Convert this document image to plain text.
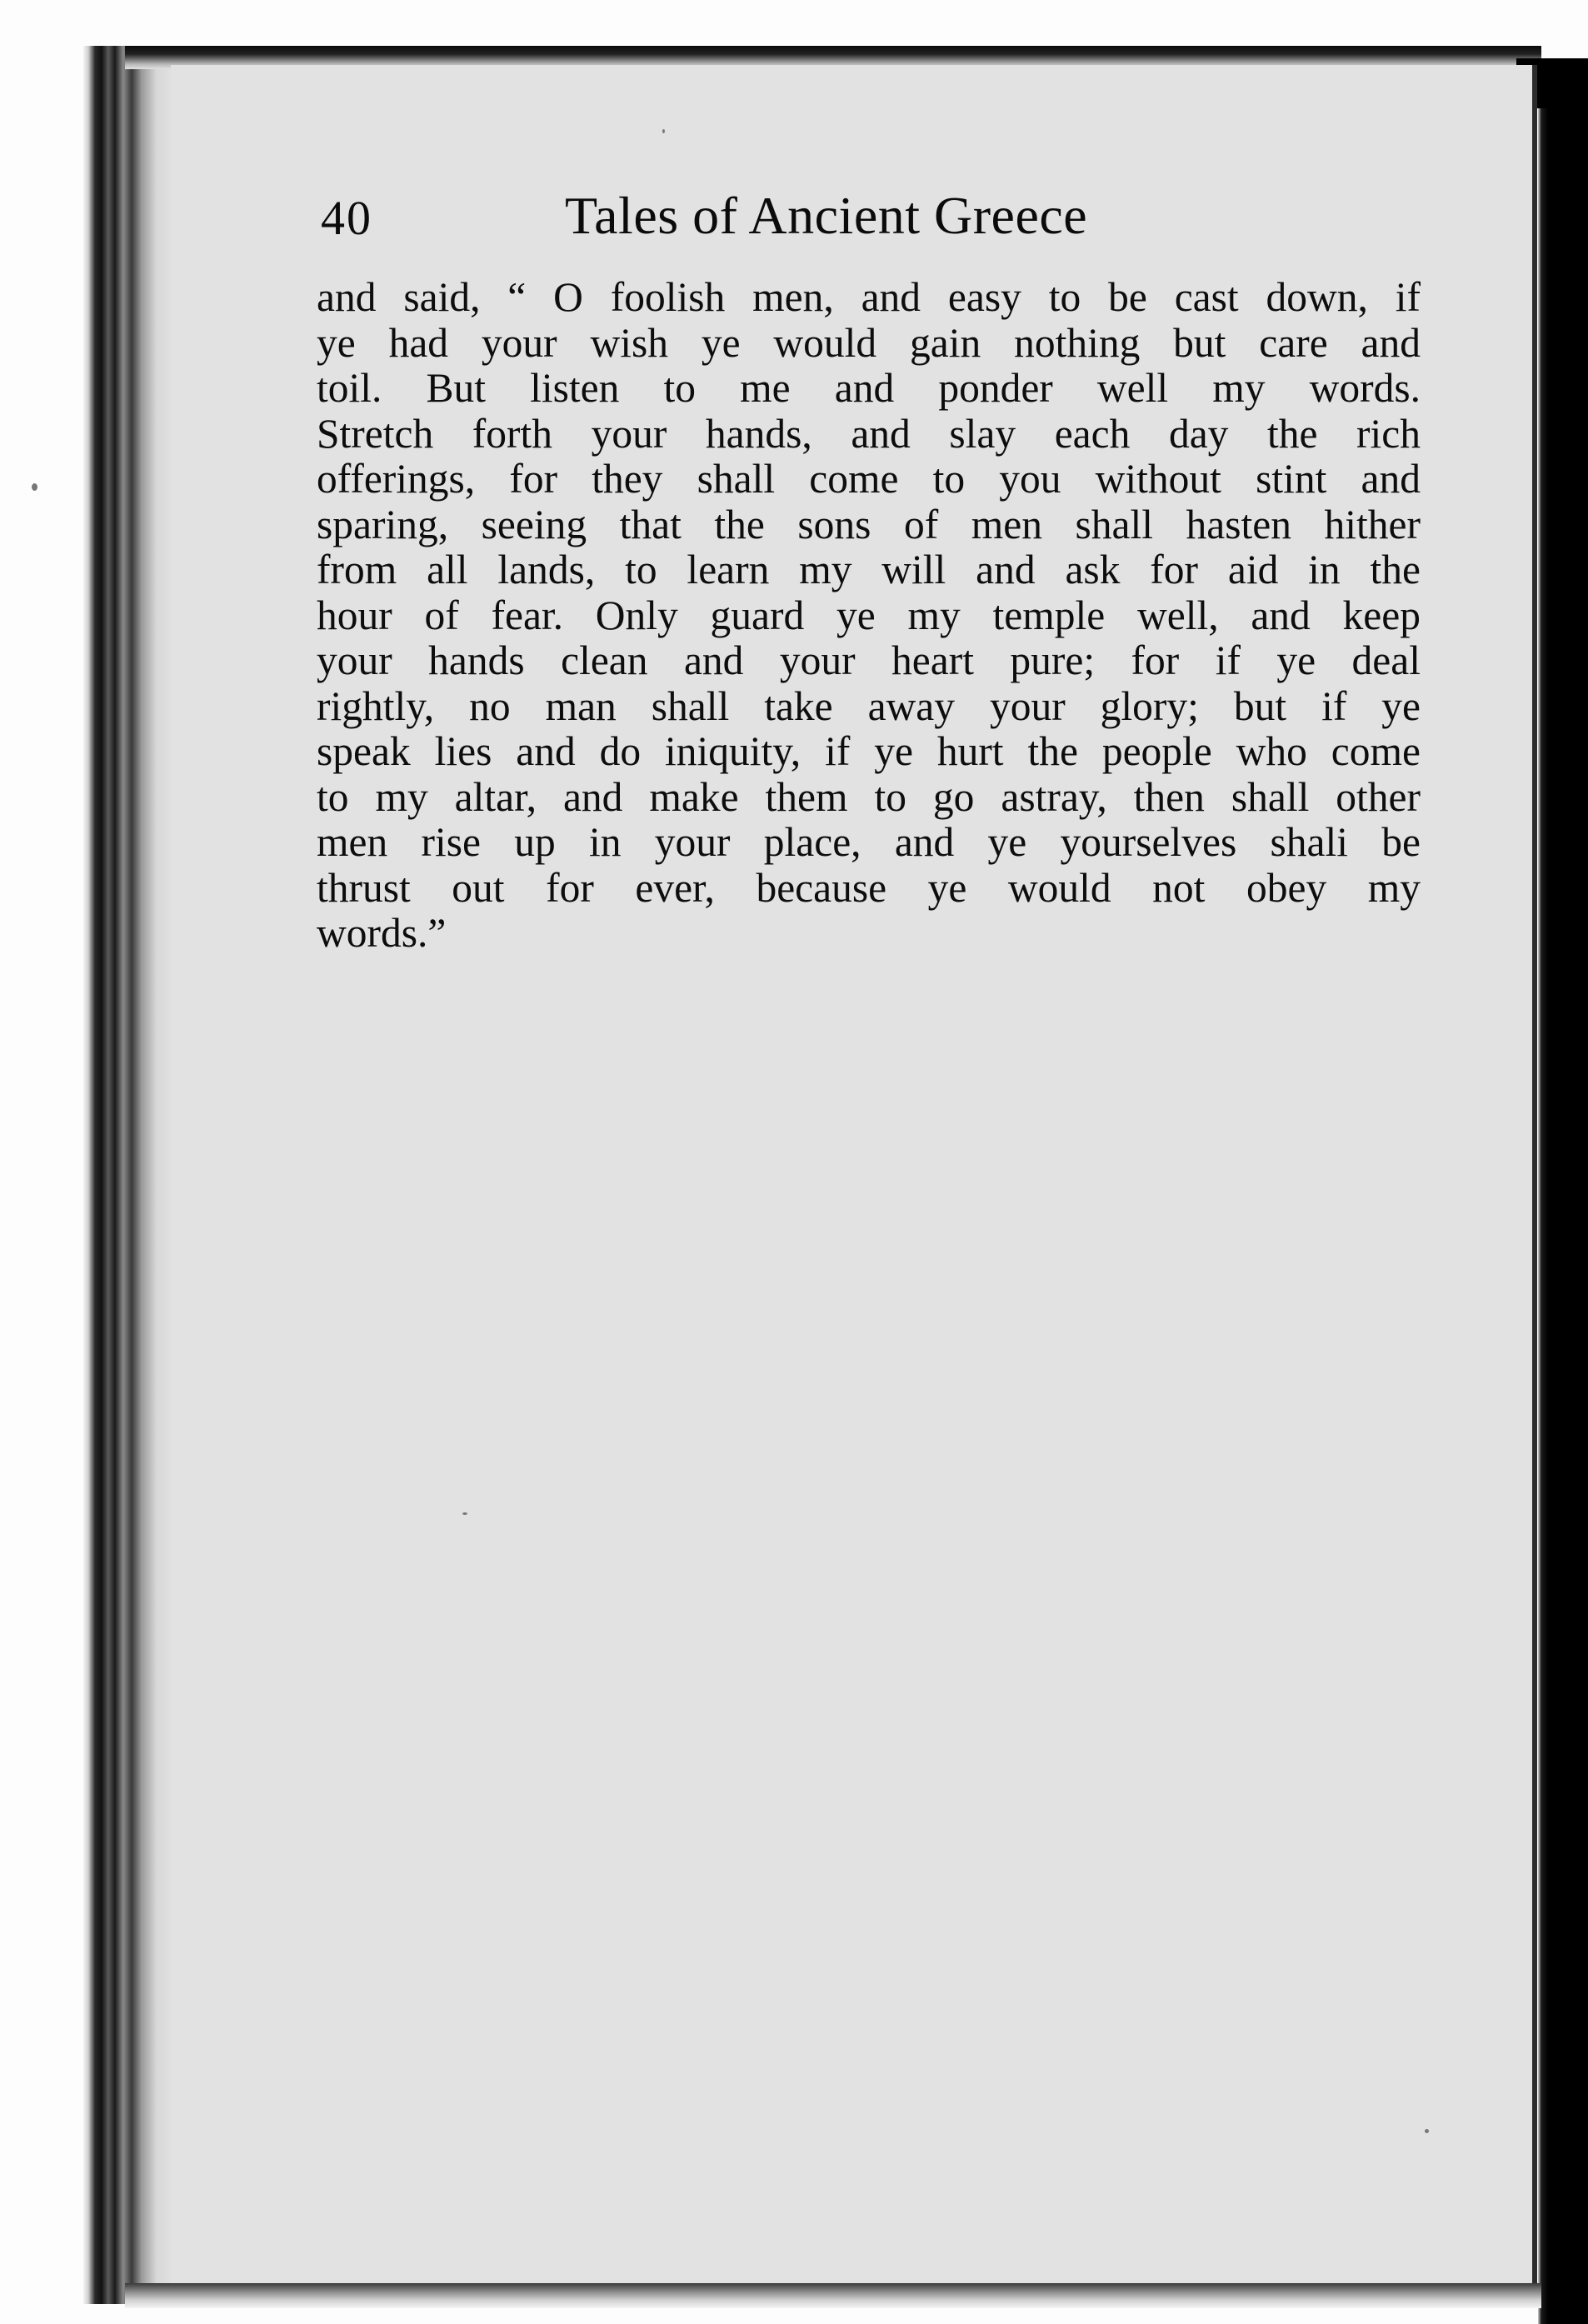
40	Tales of Ancient Greece
and said, “ O foolish men, and easy to be cast down, if
ye had your wish ye would gain nothing but care and
toil. But listen to me and ponder well my words.
Stretch forth your hands, and slay each day the rich
offerings, for they shall come to you without stint and
sparing, seeing that the sons of men shall hasten hither
from all lands, to learn my will and ask for aid in the
hour of fear. Only guard ye my temple well, and keep
your hands clean and your heart pure; for if ye deal
rightly, no man shall take away your glory; but if ye
speak lies and do iniquity, if ye hurt the people who come
to my altar, and make them to go astray, then shall other
men rise up in your place, and ye yourselves shali be
thrust out for ever, because ye would not obey my
words.”
